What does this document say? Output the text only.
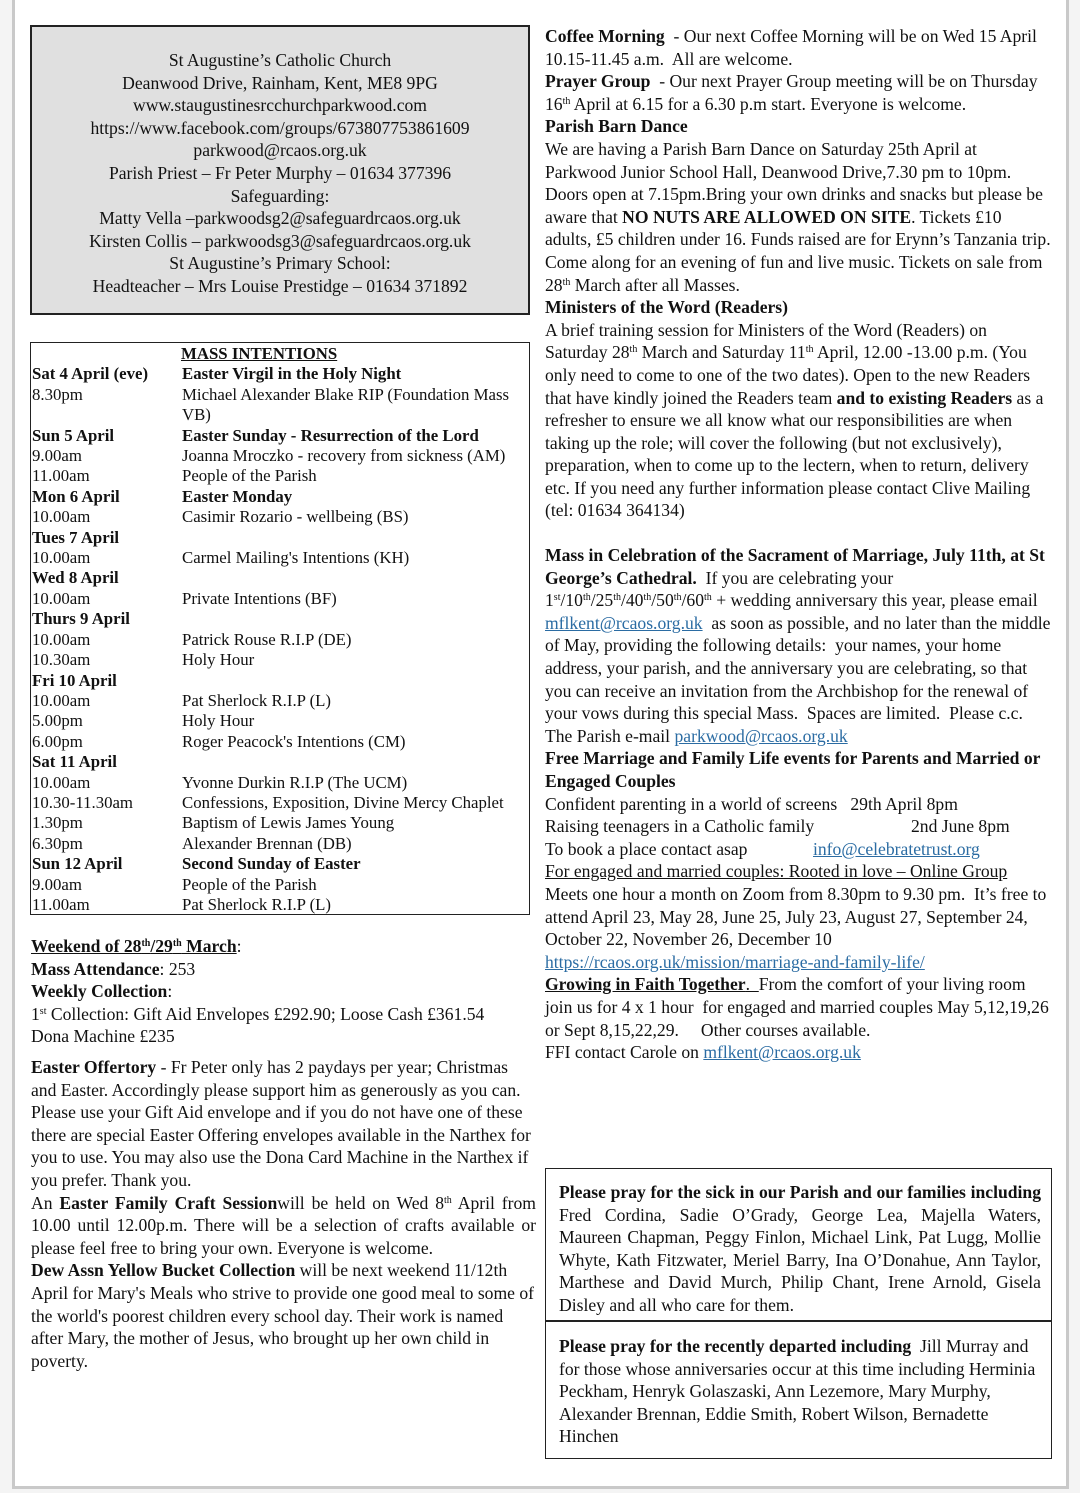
St Augustine’s Catholic Church
Deanwood Drive, Rainham, Kent, ME8 9PG
www.staugustinesrcchurchparkwood.com
https://www.facebook.com/groups/673807753861609
parkwood@rcaos.org.uk
Parish Priest – Fr Peter Murphy – 01634 377396
Safeguarding:
Matty Vella –parkwoodsg2@safeguardrcaos.org.uk
Kirsten Collis – parkwoodsg3@safeguardrcaos.org.uk
St Augustine’s Primary School:
Headteacher – Mrs Louise Prestidge – 01634 371892
MASS INTENTIONS
Sat 4 April (eve)	Easter Virgil in the Holy Night
8.30pm	Michael Alexander Blake RIP (Foundation Mass VB)
Sun 5 April	Easter Sunday - Resurrection of the Lord
9.00am	Joanna Mroczko - recovery from sickness (AM)
11.00am	People of the Parish
Mon 6 April	Easter Monday
10.00am	Casimir Rozario - wellbeing (BS)
Tues 7 April
10.00am	Carmel Mailing's Intentions (KH)
Wed 8 April
10.00am	Private Intentions (BF)
Thurs 9 April
10.00am	Patrick Rouse R.I.P (DE)
10.30am	Holy Hour
Fri 10 April
10.00am	Pat Sherlock R.I.P (L)
5.00pm	Holy Hour
6.00pm	Roger Peacock's Intentions (CM)
Sat 11 April
10.00am	Yvonne Durkin R.I.P (The UCM)
10.30-11.30am	Confessions, Exposition, Divine Mercy Chaplet
1.30pm	Baptism of Lewis James Young
6.30pm	Alexander Brennan (DB)
Sun 12 April	Second Sunday of Easter
9.00am	People of the Parish
11.00am	Pat Sherlock R.I.P (L)

Weekend of 28th/29th March:

Mass Attendance: 253

Weekly Collection:

1st Collection: Gift Aid Envelopes £292.90; Loose Cash £361.54

Dona Machine £235

Easter Offertory - Fr Peter only has 2 paydays per year; Christmas and Easter. Accordingly please support him as generously as you can. Please use your Gift Aid envelope and if you do not have one of these there are special Easter Offering envelopes available in the Narthex for you to use. You may also use the Dona Card Machine in the Narthex if you prefer. Thank you.

An Easter Family Craft Sessionwill be held on Wed 8th April from 10.00 until 12.00p.m. There will be a selection of crafts available or please feel free to bring your own. Everyone is welcome.

Dew Assn Yellow Bucket Collection will be next weekend 11/12th April for Mary's Meals who strive to provide one good meal to some of the world's poorest children every school day. Their work is named after Mary, the mother of Jesus, who brought up her own child in poverty.

Coffee Morning  - Our next Coffee Morning will be on Wed 15 April 10.15-11.45 a.m.  All are welcome.

Prayer Group  - Our next Prayer Group meeting will be on Thursday 16th April at 6.15 for a 6.30 p.m start. Everyone is welcome.

Parish Barn Dance

We are having a Parish Barn Dance on Saturday 25th April at Parkwood Junior School Hall, Deanwood Drive,7.30 pm to 10pm. Doors open at 7.15pm.Bring your own drinks and snacks but please be aware that NO NUTS ARE ALLOWED ON SITE. Tickets £10 adults, £5 children under 16. Funds raised are for Erynn’s Tanzania trip.

Come along for an evening of fun and live music. Tickets on sale from 28th March after all Masses.

Ministers of the Word (Readers)

A brief training session for Ministers of the Word (Readers) on Saturday 28th March and Saturday 11th April, 12.00 -13.00 p.m. (You only need to come to one of the two dates). Open to the new Readers that have kindly joined the Readers team and to existing Readers as a refresher to ensure we all know what our responsibilities are when taking up the role; will cover the following (but not exclusively), preparation, when to come up to the lectern, when to return, delivery etc. If you need any further information please contact Clive Mailing (tel: 01634 364134)

Mass in Celebration of the Sacrament of Marriage, July 11th, at St George’s Cathedral.  If you are celebrating your 1st/10th/25th/40th/50th/60th + wedding anniversary this year, please email  mflkent@rcaos.org.uk  as soon as possible, and no later than the middle of May, providing the following details:  your names, your home address, your parish, and the anniversary you are celebrating, so that you can receive an invitation from the Archbishop for the renewal of your vows during this special Mass.  Spaces are limited.  Please c.c. The Parish e-mail parkwood@rcaos.org.uk

Free Marriage and Family Life events for Parents and Married or Engaged Couples

Confident parenting in a world of screens   29th April 8pm

Raising teenagers in a Catholic family	2nd June 8pm

To book a place contact asap	info@celebratetrust.org

For engaged and married couples: Rooted in love – Online Group

Meets one hour a month on Zoom from 8.30pm to 9.30 pm.  It’s free to attend April 23, May 28, June 25, July 23, August 27, September 24, October 22, November 26, December 10

https://rcaos.org.uk/mission/marriage-and-family-life/

Growing in Faith Together.  From the comfort of your living room join us for 4 x 1 hour  for engaged and married couples May 5,12,19,26 or Sept 8,15,22,29.     Other courses available.

FFI contact Carole on mflkent@rcaos.org.uk

Please pray for the sick in our Parish and our families including Fred Cordina, Sadie O’Grady, George Lea, Majella Waters, Maureen Chapman, Peggy Finlon, Michael Link, Pat Lugg, Mollie Whyte, Kath Fitzwater, Meriel Barry, Ina O’Donahue, Ann Taylor, Marthese and David Murch, Philip Chant, Irene Arnold, Gisela Disley and all who care for them.
Please pray for the recently departed including  Jill Murray and for those whose anniversaries occur at this time including Herminia Peckham, Henryk Golaszaski, Ann Lezemore, Mary Murphy, Alexander Brennan, Eddie Smith, Robert Wilson, Bernadette Hinchen
